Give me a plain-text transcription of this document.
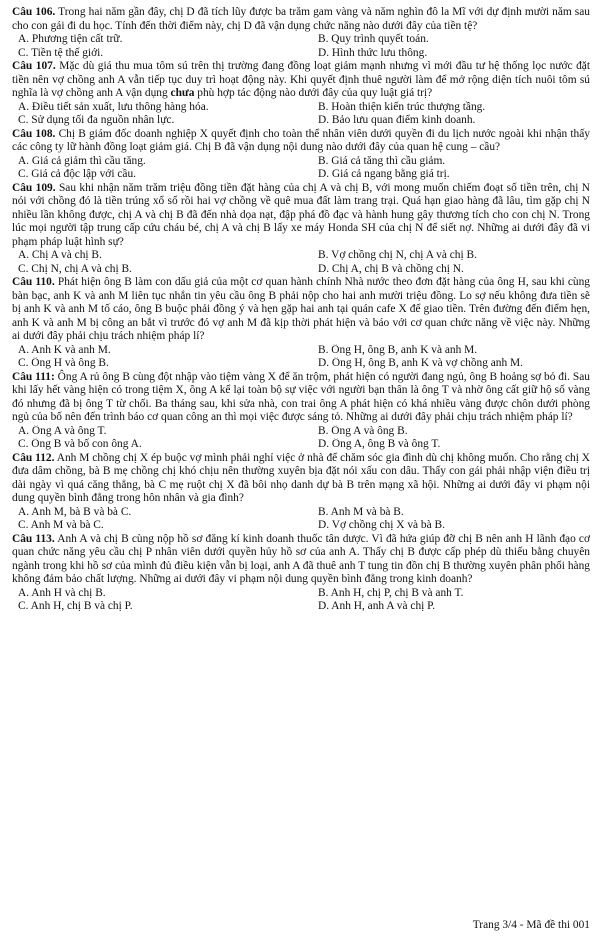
Câu 106. Trong hai năm gần đây, chị D đã tích lũy được ba trăm gam vàng và năm nghìn đô la Mĩ với dự định mười năm sau cho con gái đi du học. Tính đến thời điểm này, chị D đã vận dụng chức năng nào dưới đây của tiền tệ?
A. Phương tiện cất trữ.	B. Quy trình quyết toán.
C. Tiền tệ thế giới.	D. Hình thức lưu thông.
Câu 107. Mặc dù giá thu mua tôm sú trên thị trường đang đồng loạt giảm mạnh nhưng vì mới đầu tư hệ thống lọc nước đặt tiền nên vợ chồng anh A vẫn tiếp tục duy trì hoạt động này. Khi quyết định thuê người làm để mở rộng diện tích nuôi tôm sú nghĩa là vợ chồng anh A vận dụng chưa phù hợp tác động nào dưới đây của quy luật giá trị?
A. Điều tiết sản xuất, lưu thông hàng hóa.	B. Hoàn thiện kiến trúc thượng tầng.
C. Sử dụng tối đa nguồn nhân lực.	D. Bảo lưu quan điểm kinh doanh.
Câu 108. Chị B giám đốc doanh nghiệp X quyết định cho toàn thể nhân viên dưới quyền đi du lịch nước ngoài khi nhận thấy các công ty lữ hành đồng loạt giảm giá. Chị B đã vận dụng nội dung nào dưới đây của quan hệ cung – cầu?
A. Giá cả giảm thì cầu tăng.	B. Giá cả tăng thì cầu giảm.
C. Giá cả độc lập với cầu.	D. Giá cả ngang bằng giá trị.
Câu 109. Sau khi nhận năm trăm triệu đồng tiền đặt hàng của chị A và chị B, với mong muốn chiếm đoạt số tiền trên, chị N nói với chồng đó là tiền trúng xổ số rồi hai vợ chồng về quê mua đất làm trang trại. Quá hạn giao hàng đã lâu, tìm gặp chị N nhiều lần không được, chị A và chị B đã đến nhà dọa nạt, đập phá đồ đạc và hành hung gây thương tích cho con chị N. Trong lúc mọi người tập trung cấp cứu cháu bé, chị A và chị B lấy xe máy Honda SH của chị N để siết nợ. Những ai dưới đây đã vi phạm pháp luật hình sự?
A. Chị A và chị B.	B. Vợ chồng chị N, chị A và chị B.
C. Chị N, chị A và chị B.	D. Chị A, chị B và chồng chị N.
Câu 110. Phát hiện ông B làm con dấu giả của một cơ quan hành chính Nhà nước theo đơn đặt hàng của ông H, sau khi cùng bàn bạc, anh K và anh M liên tục nhắn tin yêu cầu ông B phải nộp cho hai anh mười triệu đồng. Lo sợ nếu không đưa tiền sẽ bị anh K và anh M tố cáo, ông B buộc phải đồng ý và hẹn gặp hai anh tại quán cafe X để giao tiền. Trên đường đến điểm hẹn, anh K và anh M bị công an bắt vì trước đó vợ anh M đã kịp thời phát hiện và báo với cơ quan chức năng về việc này. Những ai dưới đây phải chịu trách nhiệm pháp lí?
A. Anh K và anh M.	B. Ông H, ông B, anh K và anh M.
C. Ông H và ông B.	D. Ông H, ông B, anh K và vợ chồng anh M.
Câu 111: Ông A rủ ông B cùng đột nhập vào tiệm vàng X để ăn trộm, phát hiện có người đang ngủ, ông B hoảng sợ bỏ đi. Sau khi lấy hết vàng hiện có trong tiệm X, ông A kể lại toàn bộ sự việc với người bạn thân là ông T và nhờ ông cất giữ hộ số vàng đó nhưng đã bị ông T từ chối. Ba tháng sau, khi sửa nhà, con trai ông A phát hiện có khá nhiều vàng được chôn dưới phòng ngủ của bố nên đến trình báo cơ quan công an thì mọi việc được sáng tỏ. Những ai dưới đây phải chịu trách nhiệm pháp lí?
A. Ông A và ông T.	B. Ông A và ông B.
C. Ông B và bố con ông A.	D. Ông A, ông B và ông T.
Câu 112. Anh M chồng chị X ép buộc vợ mình phải nghỉ việc ở nhà để chăm sóc gia đình dù chị không muốn. Cho rằng chị X đưa dâm chồng, bà B mẹ chồng chị khó chịu nên thường xuyên bịa đặt nói xấu con dâu. Thấy con gái phải nhập viện điều trị dài ngày vì quá căng thẳng, bà C mẹ ruột chị X đã bôi nhọ danh dự bà B trên mạng xã hội. Những ai dưới đây vi phạm nội dung quyền bình đẳng trong hôn nhân và gia đình?
A. Anh M, bà B và bà C.	B. Anh M và bà B.
C. Anh M và bà C.	D. Vợ chồng chị X và bà B.
Câu 113. Anh A và chị B cùng nộp hồ sơ đăng kí kinh doanh thuốc tân dược. Vì đã hứa giúp đỡ chị B nên anh H lãnh đạo cơ quan chức năng yêu cầu chị P nhân viên dưới quyền hủy hồ sơ của anh A. Thấy chị B được cấp phép dù thiếu bằng chuyên ngành trong khi hồ sơ của mình đủ điều kiện vẫn bị loại, anh A đã thuê anh T tung tin đồn chị B thường xuyên phân phối hàng không đảm bảo chất lượng. Những ai dưới đây vi phạm nội dung quyền bình đẳng trong kinh doanh?
A. Anh H và chị B.	B. Anh H, chị P, chị B và anh T.
C. Anh H, chị B và chị P.	D. Anh H, anh A và chị P.
Trang 3/4 - Mã đề thi 001
